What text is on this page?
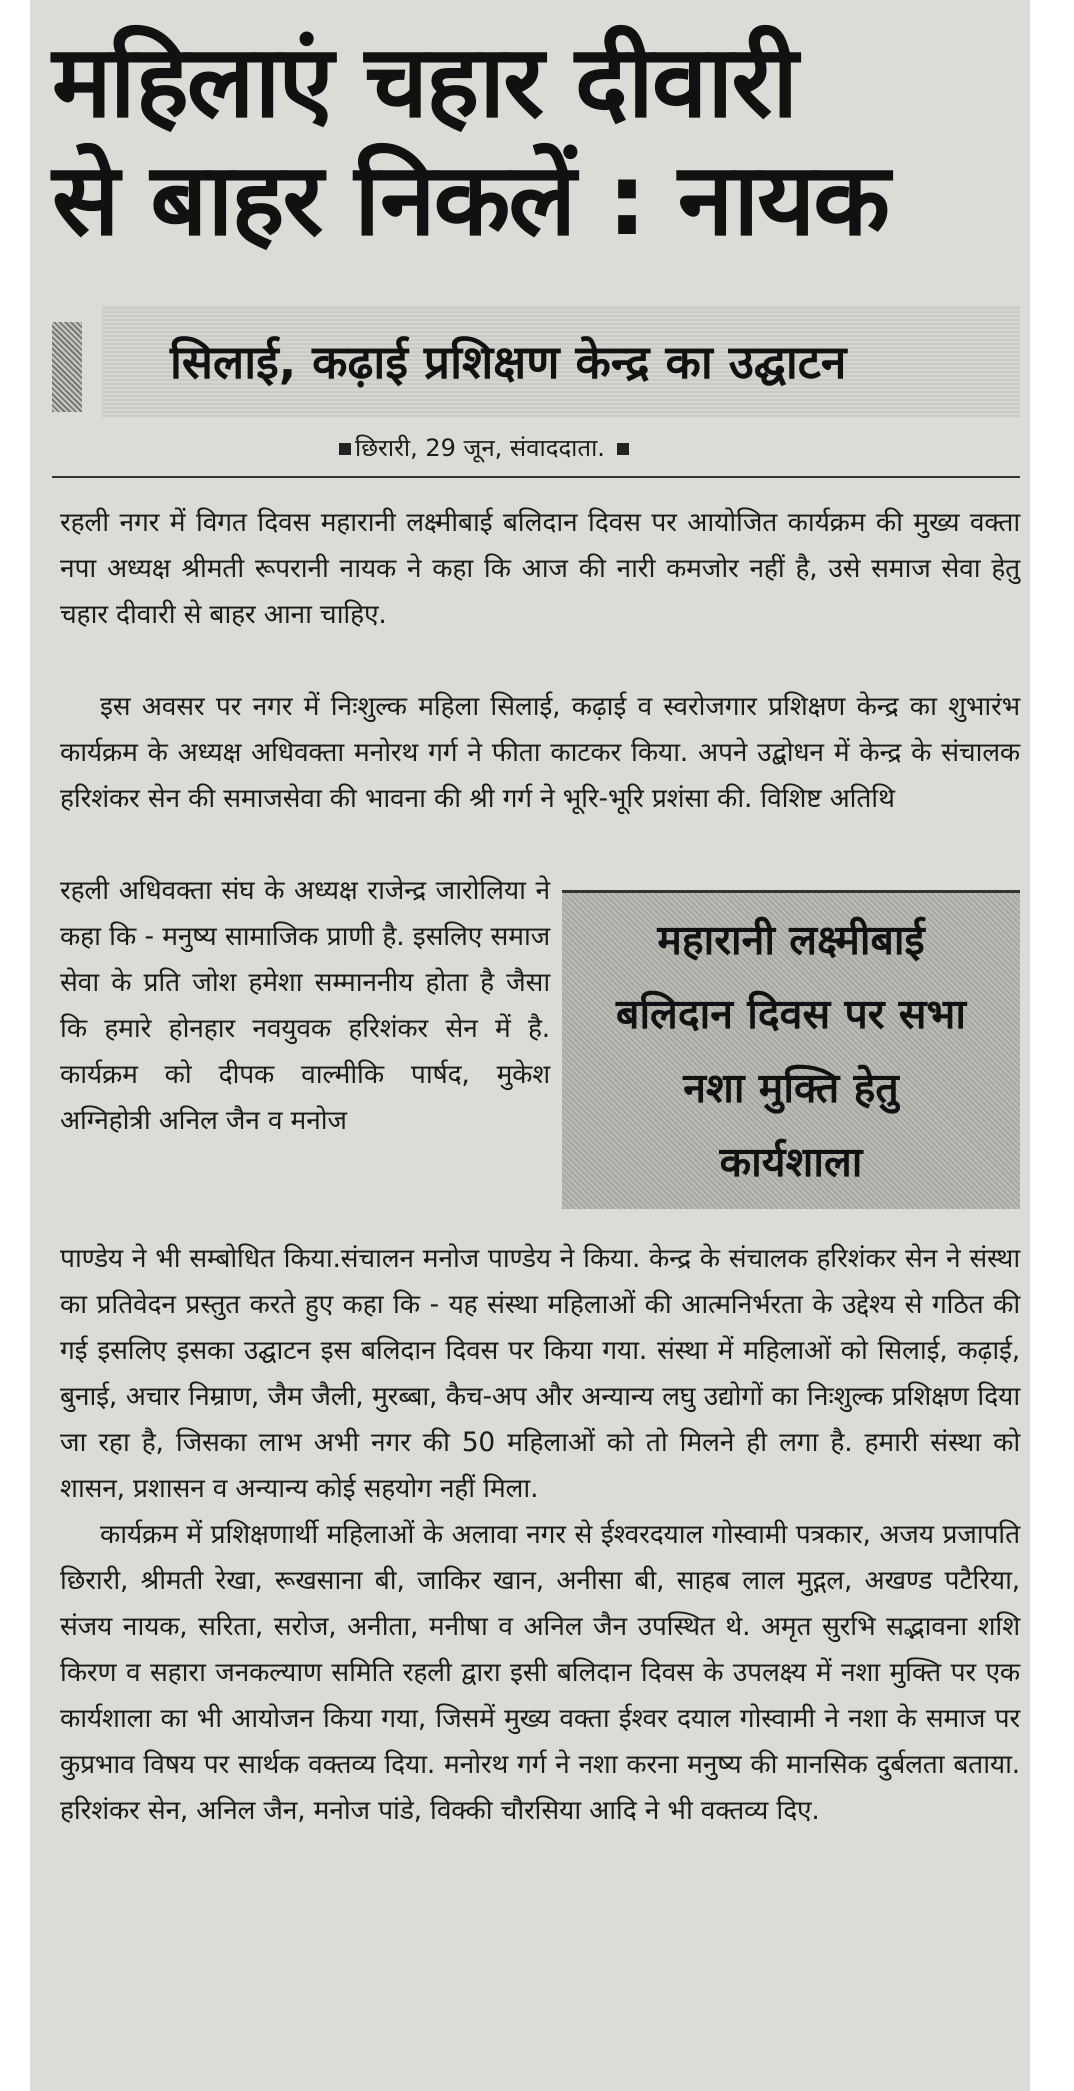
महिलाएं चहार दीवारी
से बाहर निकलें : नायक
सिलाई, कढ़ाई प्रशिक्षण केन्द्र का उद्घाटन
छिरारी, 29 जून, संवाददाता.

रहली नगर में विगत दिवस महारानी लक्ष्मीबाई बलिदान दिवस पर आयोजित कार्यक्रम की मुख्य वक्ता नपा अध्यक्ष श्रीमती रूपरानी नायक ने कहा कि आज की नारी कमजोर नहीं है, उसे समाज सेवा हेतु चहार दीवारी से बाहर आना चाहिए.

इस अवसर पर नगर में निःशुल्क महिला सिलाई, कढ़ाई व स्वरोजगार प्रशिक्षण केन्द्र का शुभारंभ कार्यक्रम के अध्यक्ष अधिवक्ता मनोरथ गर्ग ने फीता काटकर किया. अपने उद्बोधन में केन्द्र के संचालक हरिशंकर सेन की समाजसेवा की भावना की श्री गर्ग ने भूरि-भूरि प्रशंसा की. विशिष्ट अतिथि

रहली अधिवक्ता संघ के अध्यक्ष राजेन्द्र जारोलिया ने कहा कि - मनुष्य सामाजिक प्राणी है. इसलिए समाज सेवा के प्रति जोश हमेशा सम्माननीय होता है जैसा कि हमारे होनहार नवयुवक हरिशंकर सेन में है. कार्यक्रम को दीपक वाल्मीकि पार्षद, मुकेश अग्निहोत्री अनिल जैन व मनोज

महारानी लक्ष्मीबाई
बलिदान दिवस पर सभा
नशा मुक्ति हेतु
कार्यशाला

पाण्डेय ने भी सम्बोधित किया.संचालन मनोज पाण्डेय ने किया. केन्द्र के संचालक हरिशंकर सेन ने संस्था का प्रतिवेदन प्रस्तुत करते हुए कहा कि - यह संस्था महिलाओं की आत्मनिर्भरता के उद्देश्य से गठित की गई इसलिए इसका उद्घाटन इस बलिदान दिवस पर किया गया. संस्था में महिलाओं को सिलाई, कढ़ाई, बुनाई, अचार निम्राण, जैम जैली, मुरब्बा, कैच-अप और अन्यान्य लघु उद्योगों का निःशुल्क प्रशिक्षण दिया जा रहा है, जिसका लाभ अभी नगर की 50 महिलाओं को तो मिलने ही लगा है. हमारी संस्था को शासन, प्रशासन व अन्यान्य कोई सहयोग नहीं मिला.

कार्यक्रम में प्रशिक्षणार्थी महिलाओं के अलावा नगर से ईश्वरदयाल गोस्वामी पत्रकार, अजय प्रजापति छिरारी, श्रीमती रेखा, रूखसाना बी, जाकिर खान, अनीसा बी, साहब लाल मुद्गल, अखण्ड पटैरिया, संजय नायक, सरिता, सरोज, अनीता, मनीषा व अनिल जैन उपस्थित थे. अमृत सुरभि सद्भावना शशि किरण व सहारा जनकल्याण समिति रहली द्वारा इसी बलिदान दिवस के उपलक्ष्य में नशा मुक्ति पर एक कार्यशाला का भी आयोजन किया गया, जिसमें मुख्य वक्ता ईश्वर दयाल गोस्वामी ने नशा के समाज पर कुप्रभाव विषय पर सार्थक वक्तव्य दिया. मनोरथ गर्ग ने नशा करना मनुष्य की मानसिक दुर्बलता बताया. हरिशंकर सेन, अनिल जैन, मनोज पांडे, विक्की चौरसिया आदि ने भी वक्तव्य दिए.
